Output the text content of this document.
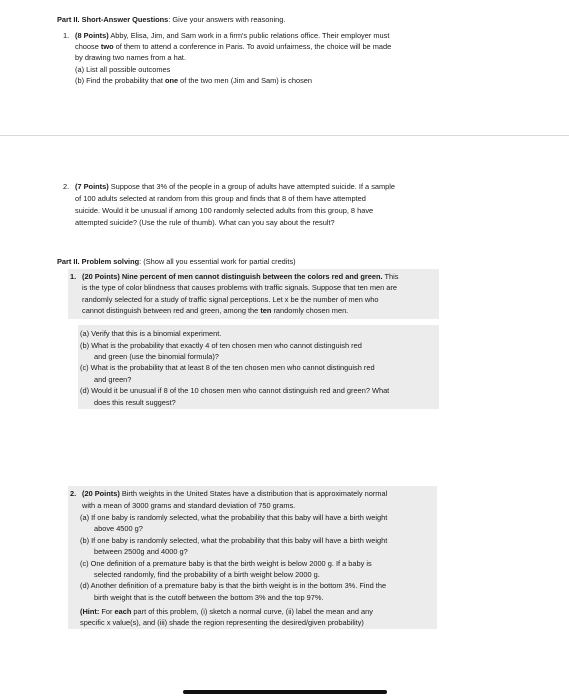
Part II. Short-Answer Questions: Give your answers with reasoning.
1. (8 Points) Abby, Elisa, Jim, and Sam work in a firm's public relations office. Their employer must
choose two of them to attend a conference in Paris. To avoid unfairness, the choice will be made
by drawing two names from a hat.
(a) List all possible outcomes
(b) Find the probability that one of the two men (Jim and Sam) is chosen
2. (7 Points) Suppose that 3% of the people in a group of adults have attempted suicide. If a sample
of 100 adults selected at random from this group and finds that 8 of them have attempted
suicide. Would it be unusual if among 100 randomly selected adults from this group, 8 have
attempted suicide? (Use the rule of thumb). What can you say about the result?
Part II. Problem solving: (Show all you essential work for partial credits)
1. (20 Points) Nine percent of men cannot distinguish between the colors red and green. This
is the type of color blindness that causes problems with traffic signals. Suppose that ten men are
randomly selected for a study of traffic signal perceptions. Let x be the number of men who
cannot distinguish between red and green, among the ten randomly chosen men.
(a) Verify that this is a binomial experiment.
(b) What is the probability that exactly 4 of ten chosen men who cannot distinguish red
and green (use the binomial formula)?
(c) What is the probability that at least 8 of the ten chosen men who cannot distinguish red
and green?
(d) Would it be unusual if 8 of the 10 chosen men who cannot distinguish red and green? What
does this result suggest?
2. (20 Points) Birth weights in the United States have a distribution that is approximately normal
with a mean of 3000 grams and standard deviation of 750 grams.
(a) If one baby is randomly selected, what the probability that this baby will have a birth weight
above 4500 g?
(b) If one baby is randomly selected, what the probability that this baby will have a birth weight
between 2500g and 4000 g?
(c) One definition of a premature baby is that the birth weight is below 2000 g. If a baby is
selected randomly, find the probability of a birth weight below 2000 g.
(d) Another definition of a premature baby is that the birth weight is in the bottom 3%. Find the
birth weight that is the cutoff between the bottom 3% and the top 97%.
(Hint: For each part of this problem, (i) sketch a normal curve, (ii) label the mean and any
specific x value(s), and (iii) shade the region representing the desired/given probability)
